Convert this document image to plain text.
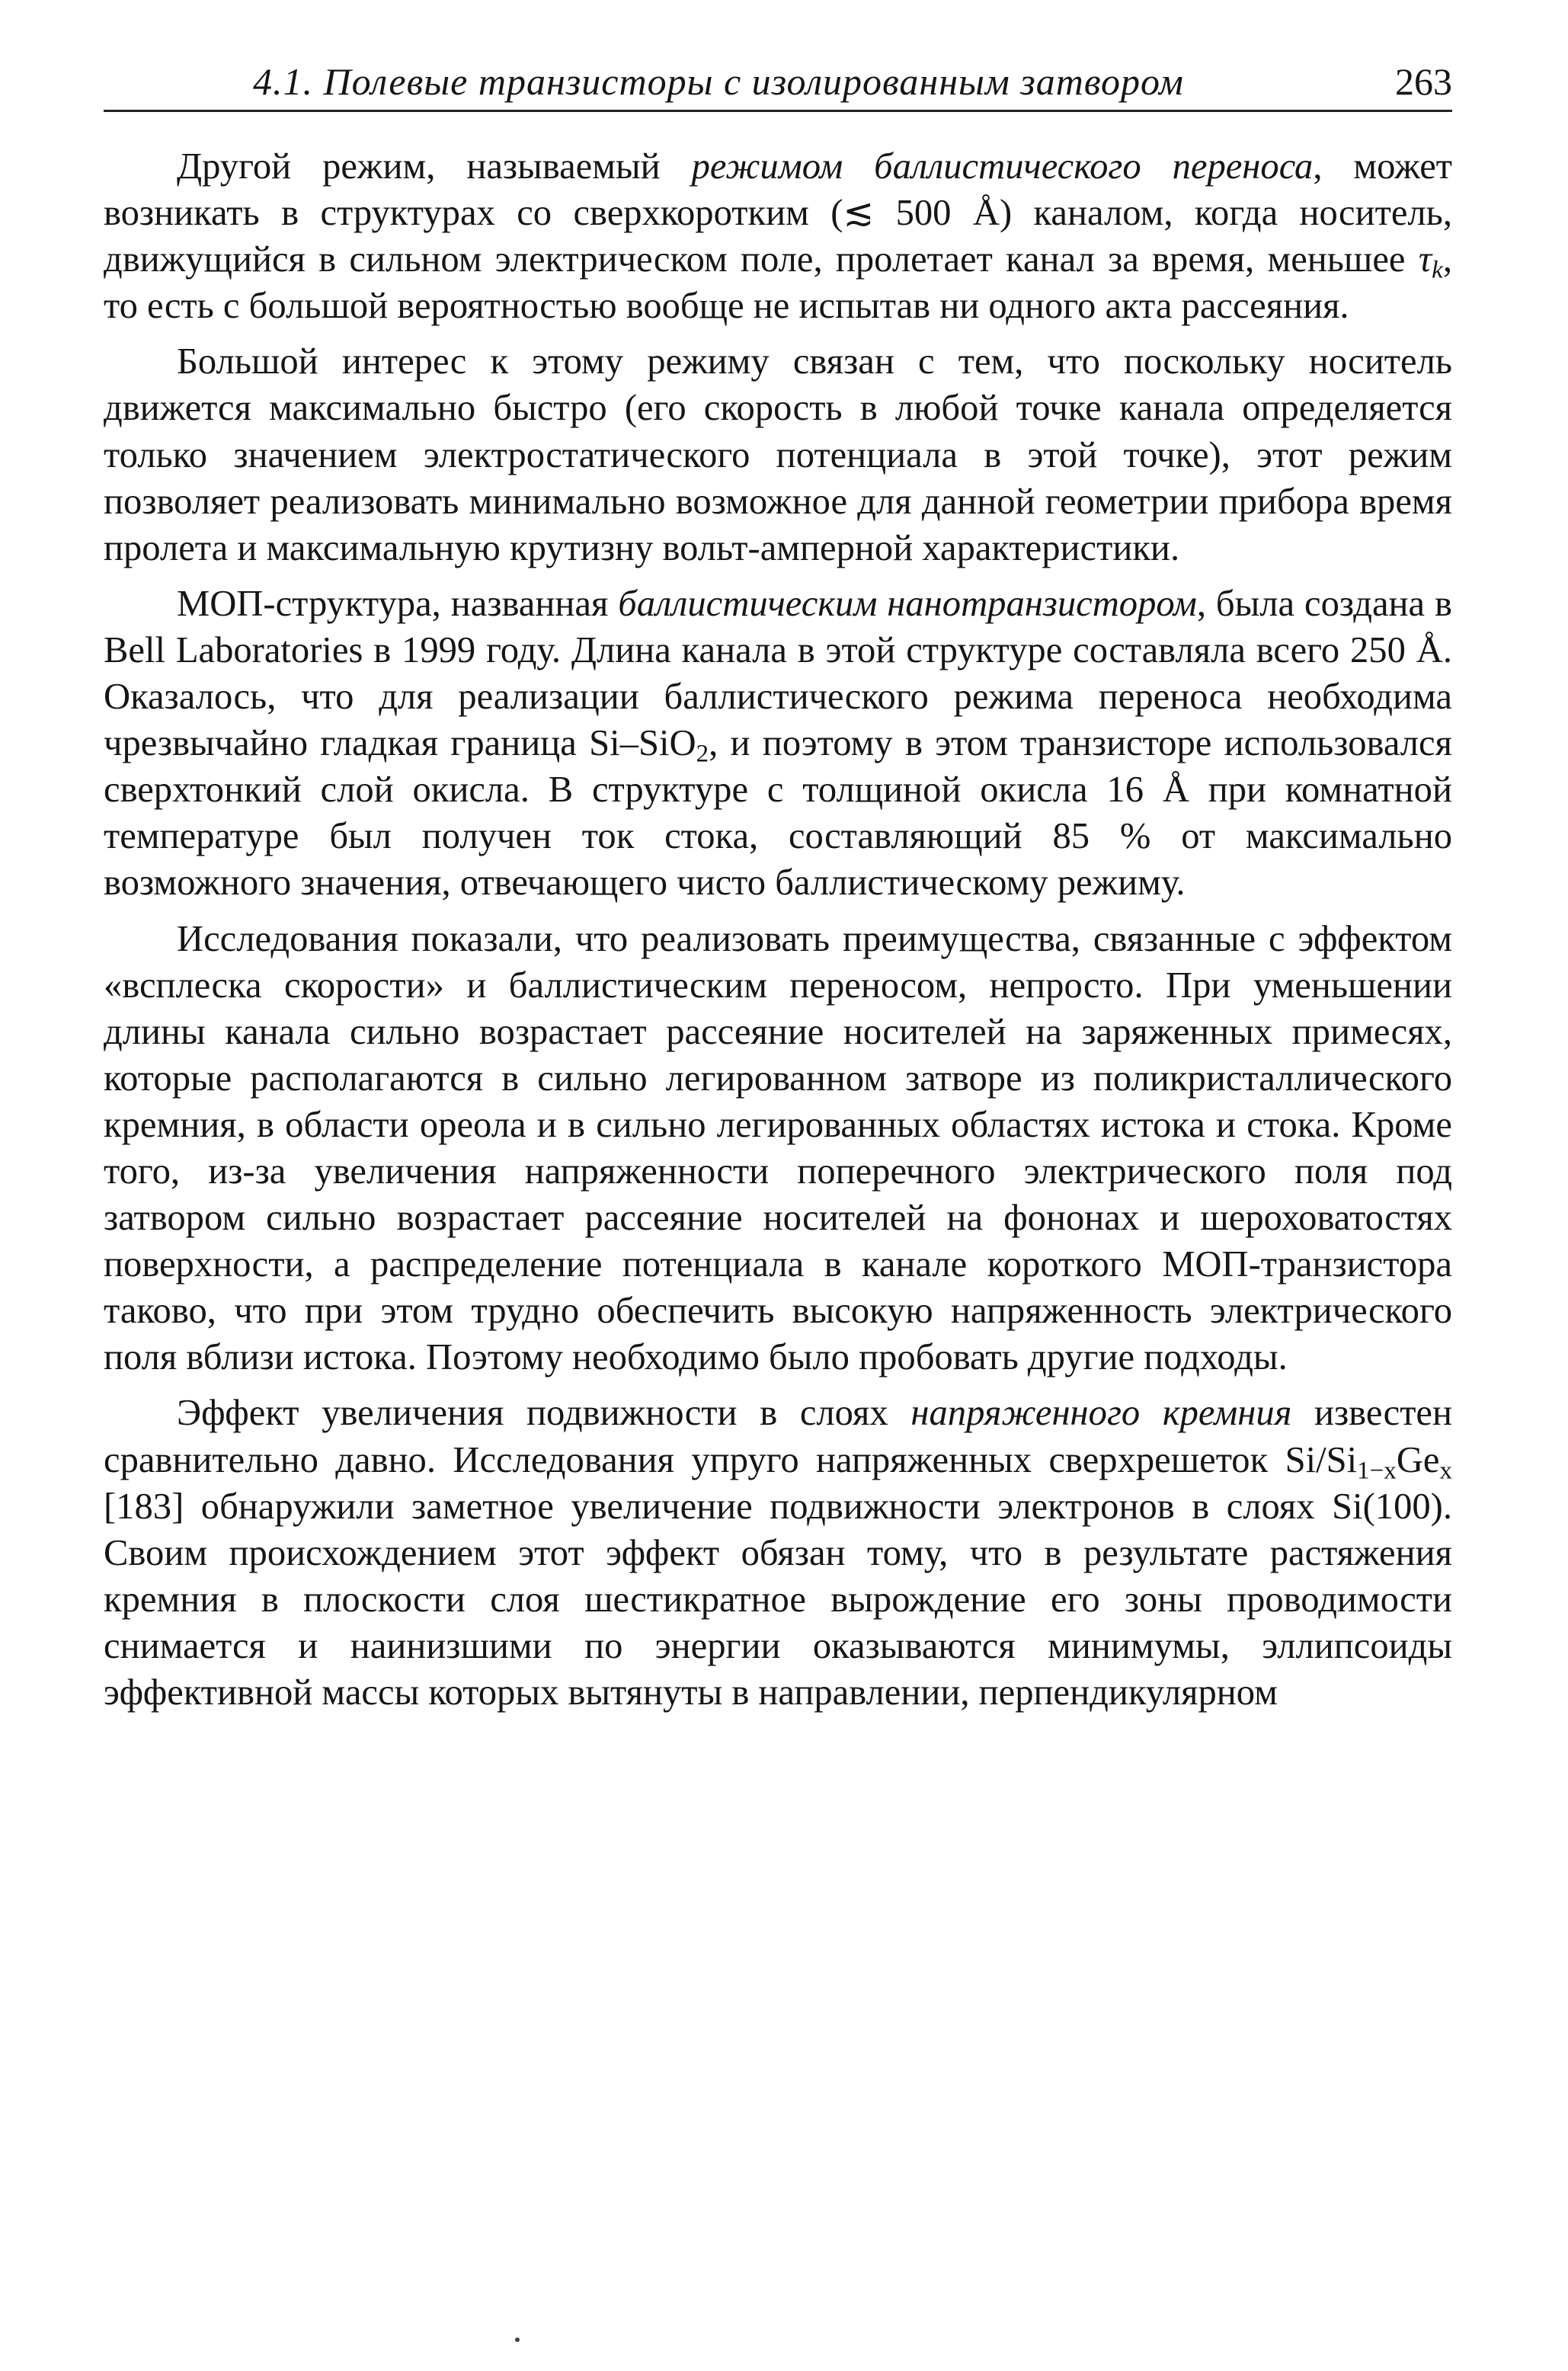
4.1. Полевые транзисторы с изолированным затвором	263

Другой режим, называемый режимом баллистического переноса, может возникать в структурах со сверхкоротким (≲ 500 Å) каналом, когда носитель, движущийся в сильном электрическом поле, пролетает канал за время, меньшее $\tau_k$, то есть с большой вероятностью вообще не испытав ни одного акта рассеяния.

Большой интерес к этому режиму связан с тем, что поскольку носитель движется максимально быстро (его скорость в любой точке канала определяется только значением электростатического потенциала в этой точке), этот режим позволяет реализовать минимально возможное для данной геометрии прибора время пролета и максимальную крутизну вольт-амперной характеристики.

МОП-структура, названная баллистическим нанотранзистором, была создана в Bell Laboratories в 1999 году. Длина канала в этой структуре составляла всего 250 Å. Оказалось, что для реализации баллистического режима переноса необходима чрезвычайно гладкая граница Si–SiO$_2$, и поэтому в этом транзисторе использовался сверхтонкий слой окисла. В структуре с толщиной окисла 16 Å при комнатной температуре был получен ток стока, составляющий 85 % от максимально возможного значения, отвечающего чисто баллистическому режиму.

Исследования показали, что реализовать преимущества, связанные с эффектом «всплеска скорости» и баллистическим переносом, непросто. При уменьшении длины канала сильно возрастает рассеяние носителей на заряженных примесях, которые располагаются в сильно легированном затворе из поликристаллического кремния, в области ореола и в сильно легированных областях истока и стока. Кроме того, из-за увеличения напряженности поперечного электрического поля под затвором сильно возрастает рассеяние носителей на фононах и шероховатостях поверхности, а распределение потенциала в канале короткого МОП-транзистора таково, что при этом трудно обеспечить высокую напряженность электрического поля вблизи истока. Поэтому необходимо было пробовать другие подходы.

Эффект увеличения подвижности в слоях напряженного кремния известен сравнительно давно. Исследования упруго напряженных сверхрешеток $Si/Si_{1-x}Ge_x$ [183] обнаружили заметное увеличение подвижности электронов в слоях Si(100). Своим происхождением этот эффект обязан тому, что в результате растяжения кремния в плоскости слоя шестикратное вырождение его зоны проводимости снимается и наинизшими по энергии оказываются минимумы, эллипсоиды эффективной массы которых вытянуты в направлении, перпендикулярном
